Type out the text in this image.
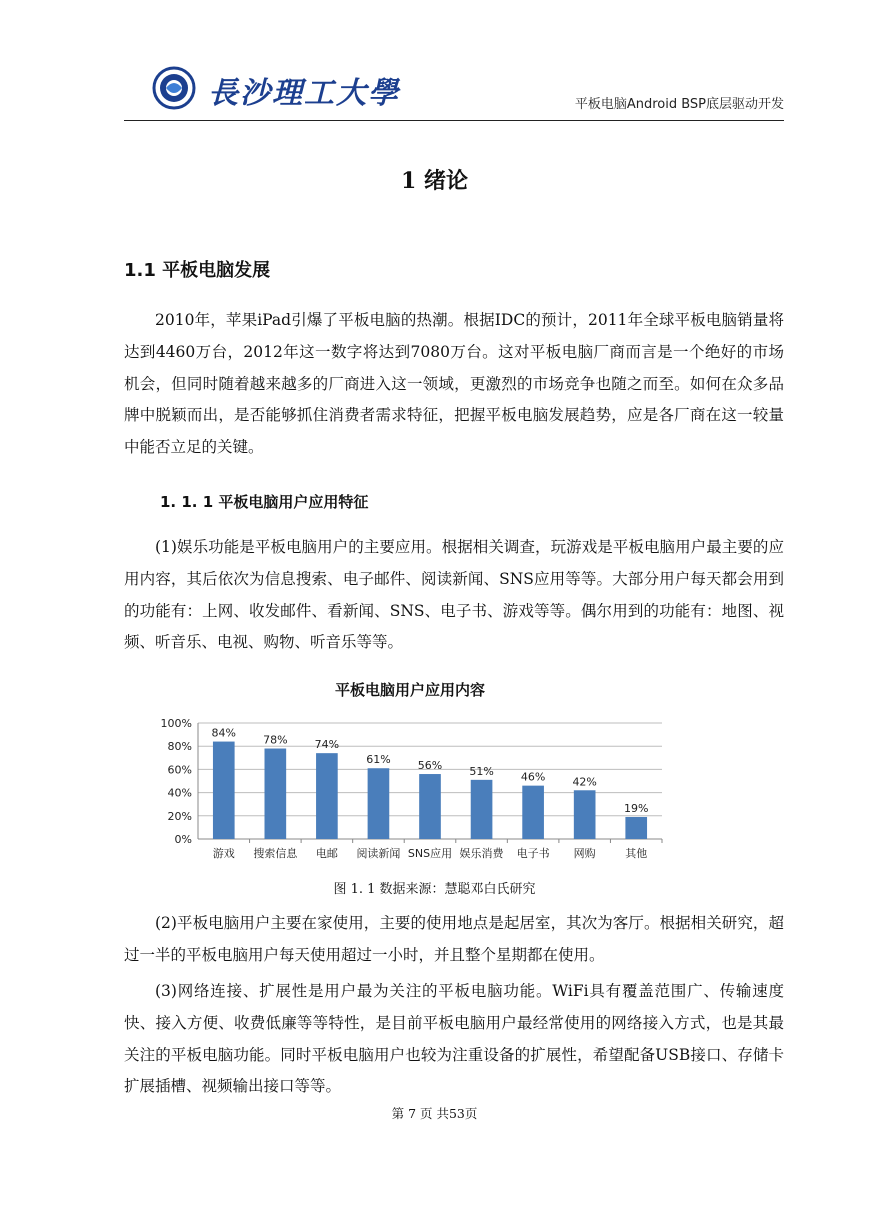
長沙理工大學	平板电脑Android BSP底层驱动开发
1 绪论
1.1 平板电脑发展

2010年，苹果iPad引爆了平板电脑的热潮。根据IDC的预计，2011年全球平板电脑销量将达到4460万台，2012年这一数字将达到7080万台。这对平板电脑厂商而言是一个绝好的市场机会，但同时随着越来越多的厂商进入这一领域，更激烈的市场竞争也随之而至。如何在众多品牌中脱颖而出，是否能够抓住消费者需求特征，把握平板电脑发展趋势，应是各厂商在这一较量中能否立足的关键。

1. 1. 1 平板电脑用户应用特征

(1)娱乐功能是平板电脑用户的主要应用。根据相关调查，玩游戏是平板电脑用户最主要的应用内容，其后依次为信息搜索、电子邮件、阅读新闻、SNS应用等等。大部分用户每天都会用到的功能有：上网、收发邮件、看新闻、SNS、电子书、游戏等等。偶尔用到的功能有：地图、视频、听音乐、电视、购物、听音乐等等。

平板电脑用户应用内容
0%
20%
40%
60%
80%
100%
84%
游戏
78%
搜索信息
74%
电邮
61%
阅读新闻
56%
SNS应用
51%
娱乐消费
46%
电子书
42%
网购
19%
其他
图 1. 1 数据来源：慧聪邓白氏研究

(2)平板电脑用户主要在家使用，主要的使用地点是起居室，其次为客厅。根据相关研究，超过一半的平板电脑用户每天使用超过一小时，并且整个星期都在使用。

(3)网络连接、扩展性是用户最为关注的平板电脑功能。WiFi具有覆盖范围广、传输速度快、接入方便、收费低廉等等特性，是目前平板电脑用户最经常使用的网络接入方式，也是其最关注的平板电脑功能。同时平板电脑用户也较为注重设备的扩展性，希望配备USB接口、存储卡扩展插槽、视频输出接口等等。

第 7 页 共53页
